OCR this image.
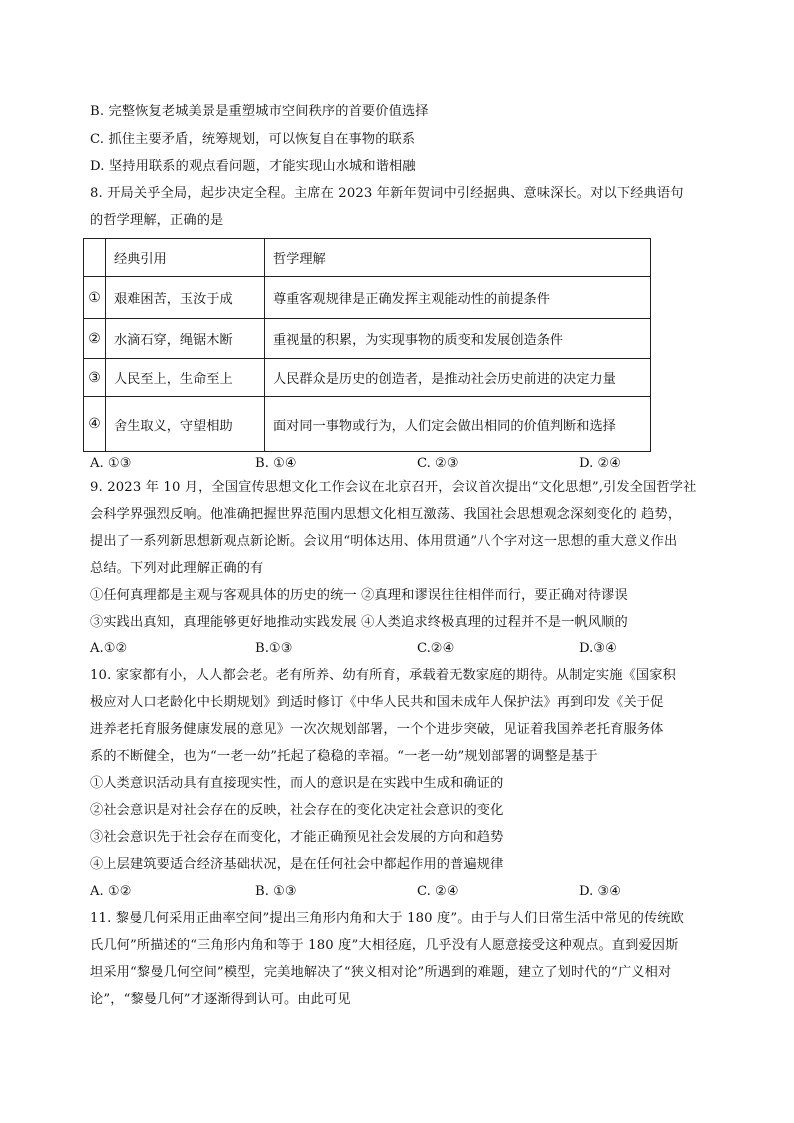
B. 完整恢复老城美景是重塑城市空间秩序的首要价值选择
C. 抓住主要矛盾，统筹规划，可以恢复自在事物的联系
D. 坚持用联系的观点看问题，才能实现山水城和谐相融
8. 开局关乎全局，起步决定全程。主席在 2023 年新年贺词中引经据典、意味深长。对以下经典语句
的哲学理解，正确的是
	经典引用	哲学理解
①	艰难困苦，玉汝于成	尊重客观规律是正确发挥主观能动性的前提条件
②	水滴石穿，绳锯木断	重视量的积累，为实现事物的质变和发展创造条件
③	人民至上，生命至上	人民群众是历史的创造者，是推动社会历史前进的决定力量
④	舍生取义，守望相助	面对同一事物或行为，人们定会做出相同的价值判断和选择
A. ①③	B. ①④	C. ②③	D. ②④
9. 2023 年 10 月，全国宣传思想文化工作会议在北京召开，会议首次提出“文化思想”,引发全国哲学社
会科学界强烈反响。他准确把握世界范围内思想文化相互激荡、我国社会思想观念深刻变化的 趋势，
提出了一系列新思想新观点新论断。会议用“明体达用、体用贯通”八个字对这一思想的重大意义作出
总结。下列对此理解正确的有
①任何真理都是主观与客观具体的历史的统一 ②真理和谬误往往相伴而行，要正确对待谬误
③实践出真知，真理能够更好地推动实践发展 ④人类追求终极真理的过程并不是一帆风顺的
A.①②	B.①③	C.②④	D.③④
10. 家家都有小，人人都会老。老有所养、幼有所育，承载着无数家庭的期待。从制定实施《国家积
极应对人口老龄化中长期规划》到适时修订《中华人民共和国未成年人保护法》再到印发《关于促
进养老托育服务健康发展的意见》一次次规划部署，一个个进步突破，见证着我国养老托育服务体
系的不断健全，也为“一老一幼”托起了稳稳的幸福。“一老一幼”规划部署的调整是基于
①人类意识活动具有直接现实性，而人的意识是在实践中生成和确证的
②社会意识是对社会存在的反映，社会存在的变化决定社会意识的变化
③社会意识先于社会存在而变化，才能正确预见社会发展的方向和趋势
④上层建筑要适合经济基础状况，是在任何社会中都起作用的普遍规律
A. ①②	B. ①③	C. ②④	D. ③④
11. 黎曼几何采用正曲率空间”提出三角形内角和大于 180 度”。由于与人们日常生活中常见的传统欧
氏几何”所描述的“三角形内角和等于 180 度”大相径庭，几乎没有人愿意接受这种观点。直到爱因斯
坦采用“黎曼几何空间”模型，完美地解决了“狭义相对论”所遇到的难题，建立了划时代的“广义相对
论”，“黎曼几何”才逐渐得到认可。由此可见
